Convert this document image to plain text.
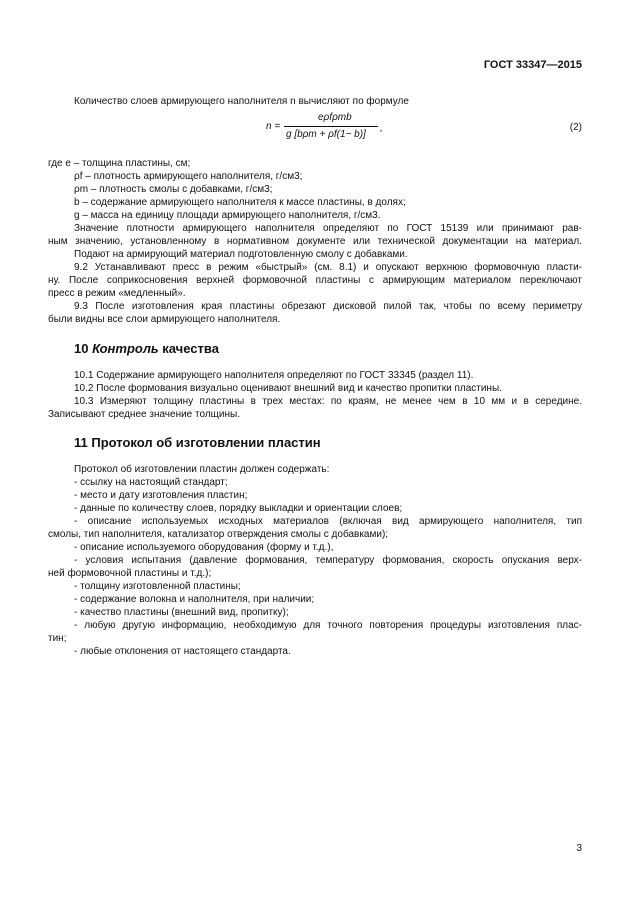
ГОСТ 33347—2015
Количество слоев армирующего наполнителя n вычисляют по формуле
n =
eρfρmb
g [bρm + ρf(1− b)]
,	(2)
где e – толщина пластины, см;
ρf – плотность армирующего наполнителя, г/см3;
ρm – плотность смолы с добавками, г/см3;
b – содержание армирующего наполнителя к массе пластины, в долях;
g – масса на единицу площади армирующего наполнителя, г/см3.
Значение плотности армирующего наполнителя определяют по ГОСТ 15139 или принимают рав-
ным значению, установленному в нормативном документе или технической документации на материал.
Подают на армирующий материал подготовленную смолу с добавками.
9.2 Устанавливают пресс в режим «быстрый» (см. 8.1) и опускают верхнюю формовочную пласти-
ну. После соприкосновения верхней формовочной пластины с армирующим материалом переключают
пресс в режим «медленный».
9.3 После изготовления края пластины обрезают дисковой пилой так, чтобы по всему периметру
были видны все слои армирующего наполнителя.
10 Контроль качества
10.1 Содержание армирующего наполнителя определяют по ГОСТ 33345 (раздел 11).
10.2 После формования визуально оценивают внешний вид и качество пропитки пластины.
10.3 Измеряют толщину пластины в трех местах: по краям, не менее чем в 10 мм и в середине.
Записывают среднее значение толщины.
11 Протокол об изготовлении пластин
Протокол об изготовлении пластин должен содержать:
- ссылку на настоящий стандарт;
- место и дату изготовления пластин;
- данные по количеству слоев, порядку выкладки и ориентации слоев;
- описание используемых исходных материалов (включая вид армирующего наполнителя, тип
смолы, тип наполнителя, катализатор отверждения смолы с добавками);
- описание используемого оборудования (форму и т.д.),
- условия испытания (давление формования, температуру формования, скорость опускания верх-
ней формовочной пластины и т.д.);
- толщину изготовленной пластины;
- содержание волокна и наполнителя, при наличии;
- качество пластины (внешний вид, пропитку);
- любую другую информацию, необходимую для точного повторения процедуры изготовления плас-
тин;
- любые отклонения от настоящего стандарта.
3
